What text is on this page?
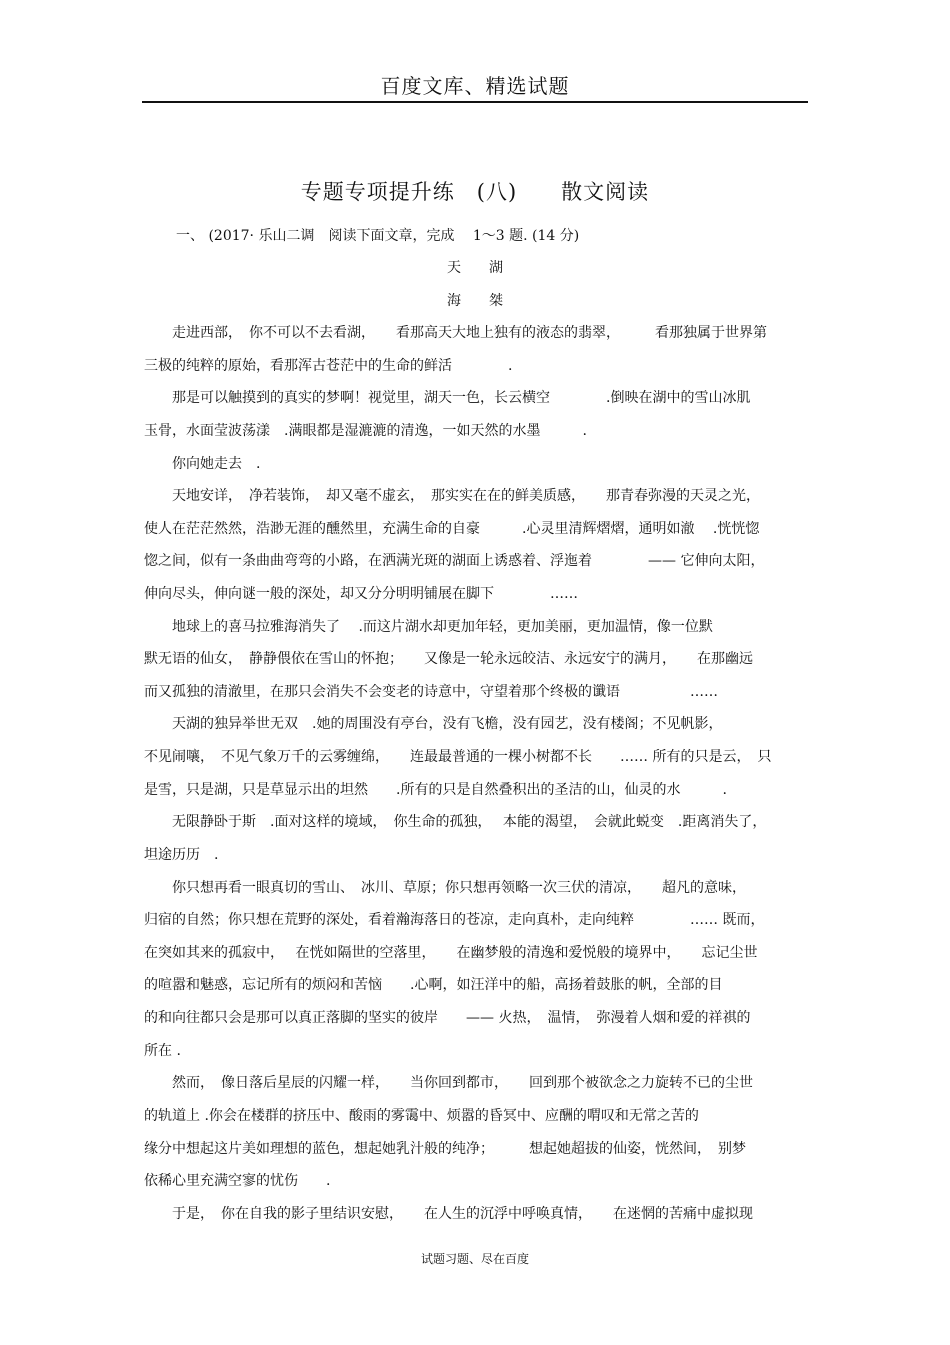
百度文库、精选试题
专题专项提升练　(八)　　散文阅读
一、 (2017· 乐山二调　阅读下面文章，完成　 1～3 题. (14 分)
天　　湖
海　　桀
　　走进西部，　你不可以不去看湖，　　看那高天大地上独有的液态的翡翠，　　　看那独属于世界第
三极的纯粹的原始，看那浑古苍茫中的生命的鲜活　　　　.
　　那是可以触摸到的真实的梦啊！视觉里，湖天一色，长云横空　　　　.倒映在湖中的雪山冰肌
玉骨，水面莹波荡漾　.满眼都是湿漉漉的清逸，一如天然的水墨　　　.
　　你向她走去　.
　　天地安详，　净若装饰，　却又毫不虚玄，　那实实在在的鲜美质感，　　那青春弥漫的天灵之光，
使人在茫茫然然，浩渺无涯的醺然里，充满生命的自豪　　　.心灵里清辉熠熠，通明如澈　 .恍恍惚
惚之间，似有一条曲曲弯弯的小路，在洒满光斑的湖面上诱惑着、浮迤着　　　　—— 它伸向太阳，
伸向尽头，伸向谜一般的深处，却又分分明明铺展在脚下　　　　……
　　地球上的喜马拉雅海消失了　 .而这片湖水却更加年轻，更加美丽，更加温情，像一位默
默无语的仙女，　静静偎依在雪山的怀抱；　　又像是一轮永远皎洁、永远安宁的满月，　　在那幽远
而又孤独的清澈里，在那只会消失不会变老的诗意中，守望着那个终极的谶语　　　　　……
　　天湖的独异举世无双　.她的周围没有亭台，没有飞檐，没有园艺，没有楼阁；不见帆影，
不见闹嚷，　不见气象万千的云雾缠绵，　　连最最普通的一棵小树都不长　　…… 所有的只是云，　只
是雪，只是湖，只是草显示出的坦然　　.所有的只是自然叠积出的圣洁的山，仙灵的水　　　.
　　无限静卧于斯　.面对这样的境域，　你生命的孤独，　 本能的渴望，　会就此蜕变　.距离消失了，
坦途历历　.
　　你只想再看一眼真切的雪山、　冰川、草原；你只想再领略一次三伏的清凉，　　超凡的意味，
归宿的自然；你只想在荒野的深处，看着瀚海落日的苍凉，走向真朴，走向纯粹　　　　…… 既而，
在突如其来的孤寂中，　 在恍如隔世的空落里，　　在幽梦般的清逸和爱悦般的境界中，　　忘记尘世
的喧嚣和魅惑，忘记所有的烦闷和苦恼　　.心啊，如汪洋中的船，高扬着鼓胀的帆，全部的目
的和向往都只会是那可以真正落脚的坚实的彼岸　　—— 火热，　温情，　弥漫着人烟和爱的祥祺的
所在 .
　　然而，　像日落后星辰的闪耀一样，　　当你回到都市，　　回到那个被欲念之力旋转不已的尘世
的轨道上 .你会在楼群的挤压中、酸雨的雾霭中、烦嚣的昏冥中、应酬的喟叹和无常之苦的
缘分中想起这片美如理想的蓝色，想起她乳汁般的纯净；　　　想起她超拔的仙姿，恍然间，　别梦
依稀心里充满空寥的忧伤　　.
　　于是，　你在自我的影子里结识安慰，　　在人生的沉浮中呼唤真情，　　在迷惘的苦痛中虚拟现
试题习题、尽在百度
